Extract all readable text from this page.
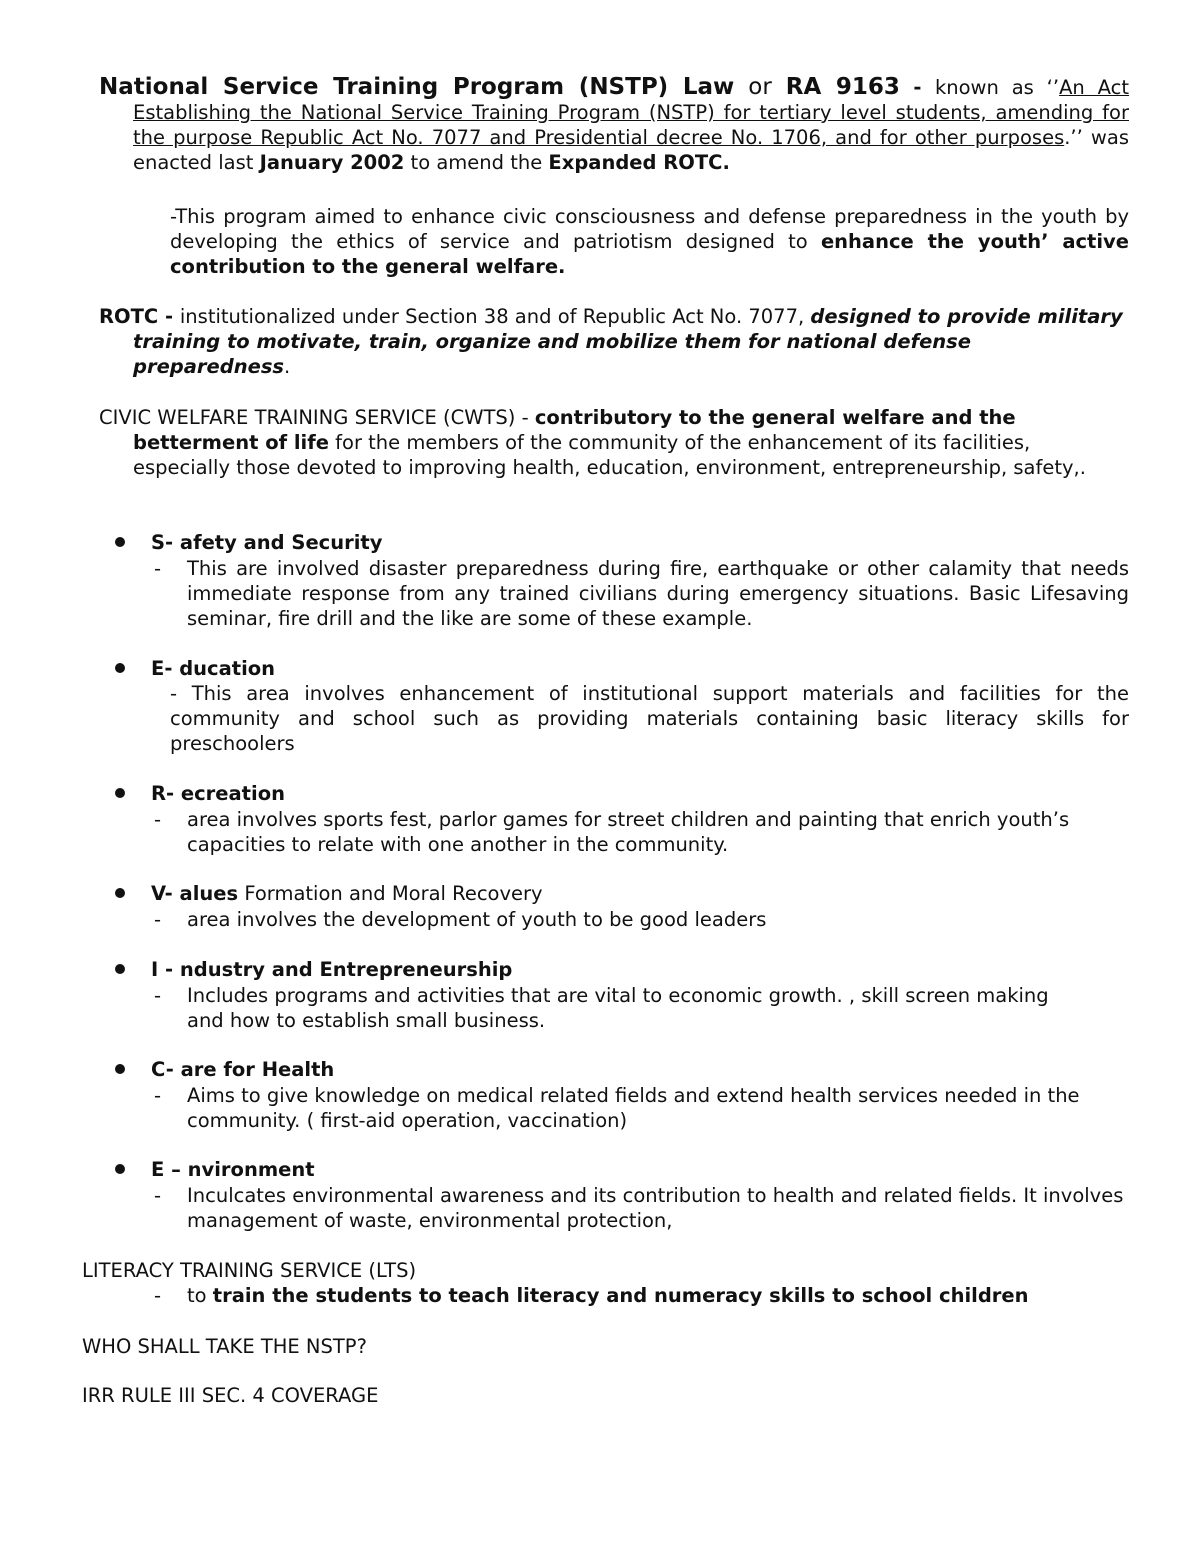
National Service Training Program (NSTP) Law or RA 9163 - known as ‘’An Act Establishing the National Service Training Program (NSTP) for tertiary level students, amending for the purpose Republic Act No. 7077 and Presidential decree No. 1706, and for other purposes.’’ was enacted last January 2002 to amend the Expanded ROTC.
-This program aimed to enhance civic consciousness and defense preparedness in the youth by developing the ethics of service and patriotism designed to enhance the youth’ active contribution to the general welfare.
ROTC - institutionalized under Section 38 and of Republic Act No. 7077, designed to provide military training to motivate, train, organize and mobilize them for national defense preparedness.
CIVIC WELFARE TRAINING SERVICE (CWTS) - contributory to the general welfare and the betterment of life for the members of the community of the enhancement of its facilities, especially those devoted to improving health, education, environment, entrepreneurship, safety,.
S- afety and Security
- This are involved disaster preparedness during fire, earthquake or other calamity that needs immediate response from any trained civilians during emergency situations. Basic Lifesaving seminar, fire drill and the like are some of these example.
E- ducation
- This area involves enhancement of institutional support materials and facilities for the community and school such as providing materials containing basic literacy skills for preschoolers
R- ecreation
- area involves sports fest, parlor games for street children and painting that enrich youth’s capacities to relate with one another in the community.
V- alues Formation and Moral Recovery
- area involves the development of youth to be good leaders
I - ndustry and Entrepreneurship
- Includes programs and activities that are vital to economic growth. , skill screen making and how to establish small business.
C- are for Health
- Aims to give knowledge on medical related fields and extend health services needed in the community. ( first-aid operation, vaccination)
E – nvironment
- Inculcates environmental awareness and its contribution to health and related fields. It involves management of waste, environmental protection,
LITERACY TRAINING SERVICE (LTS)
- to train the students to teach literacy and numeracy skills to school children
WHO SHALL TAKE THE NSTP?
IRR RULE III SEC. 4 COVERAGE
